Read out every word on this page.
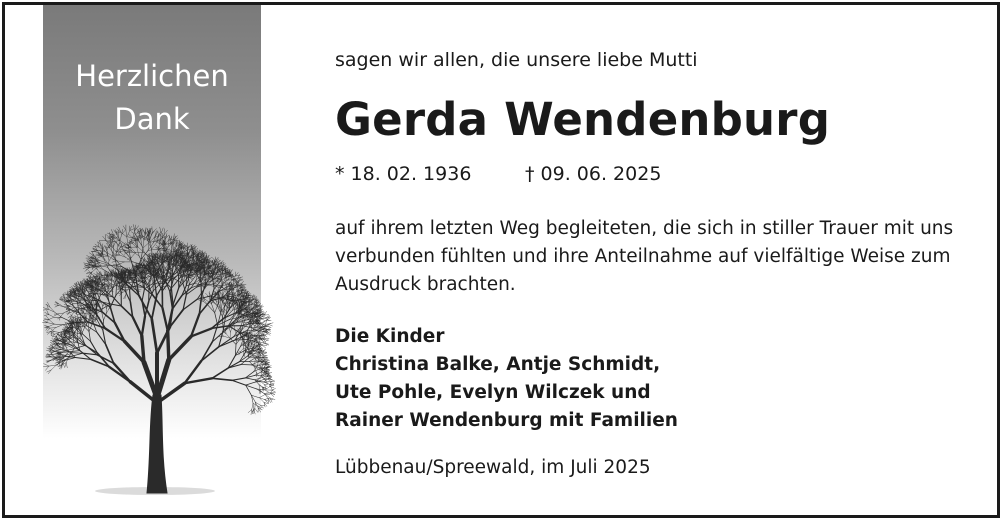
Herzlichen
Dank
sagen wir allen, die unsere liebe Mutti
Gerda Wendenburg
* 18. 02. 1936	† 09. 06. 2025
auf ihrem letzten Weg begleiteten, die sich in stiller Trauer mit uns
verbunden fühlten und ihre Anteilnahme auf vielfältige Weise zum
Ausdruck brachten.
Die Kinder
Christina Balke, Antje Schmidt,
Ute Pohle, Evelyn Wilczek und
Rainer Wendenburg mit Familien
Lübbenau/Spreewald, im Juli 2025
